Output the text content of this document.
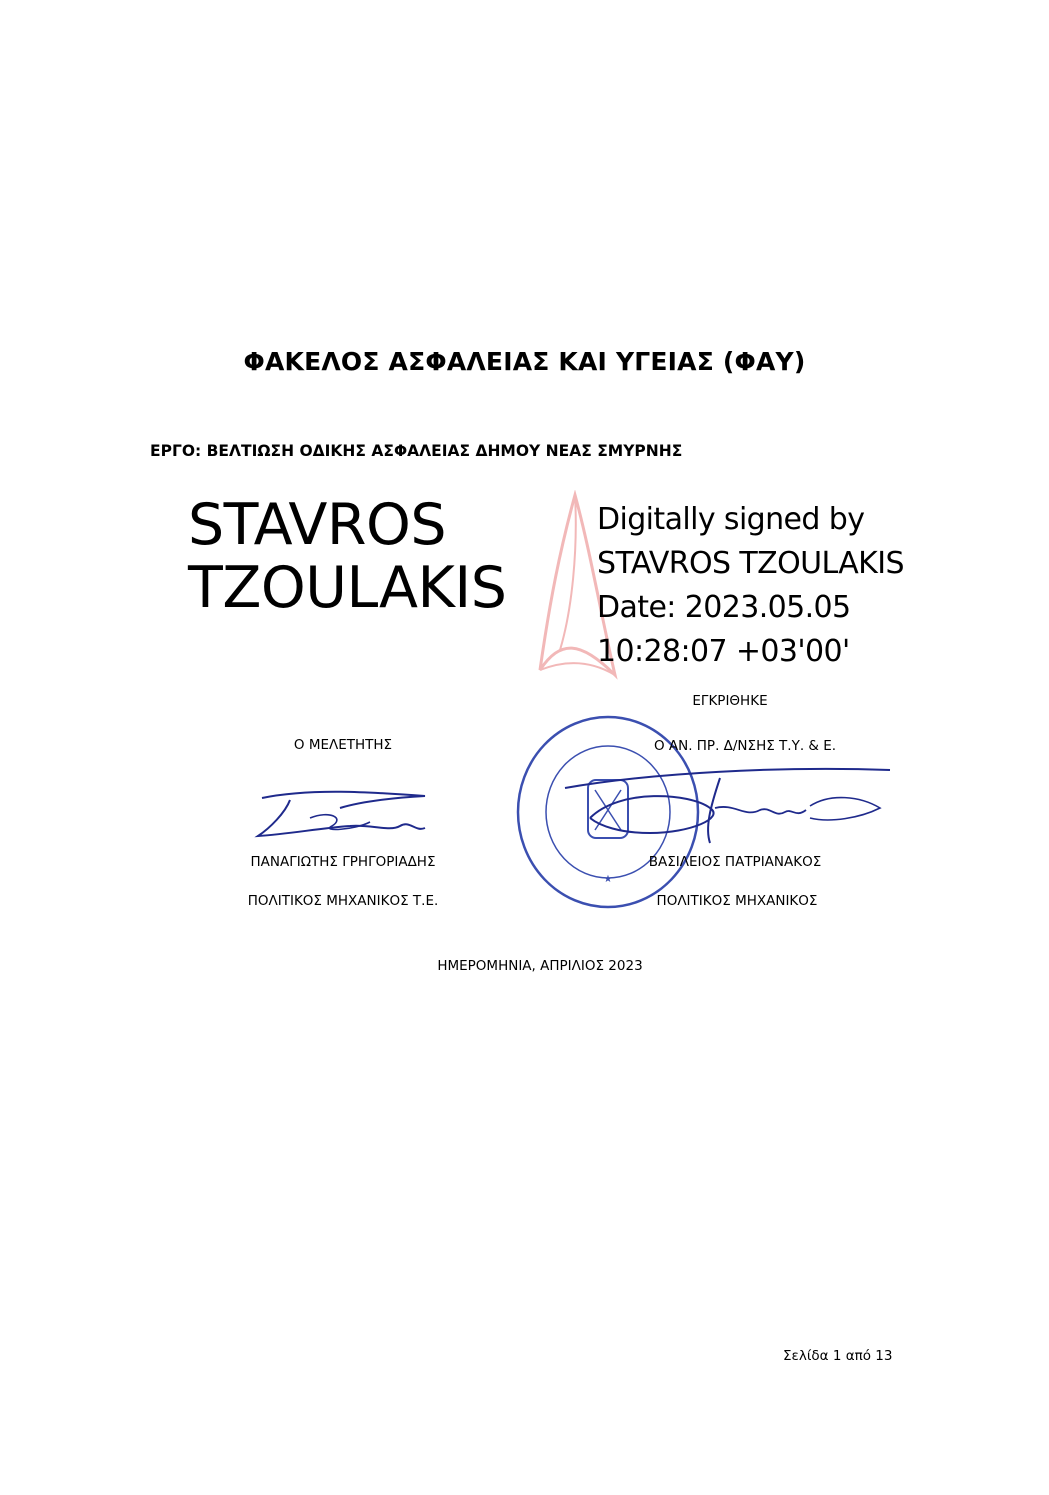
ΦΑΚΕΛΟΣ ΑΣΦΑΛΕΙΑΣ ΚΑΙ ΥΓΕΙΑΣ (ΦΑΥ)
ΕΡΓΟ: ΒΕΛΤΙΩΣΗ ΟΔΙΚΗΣ ΑΣΦΑΛΕΙΑΣ ΔΗΜΟΥ ΝΕΑΣ ΣΜΥΡΝΗΣ
STAVROS
TZOULAKIS
Digitally signed by
STAVROS TZOULAKIS
Date: 2023.05.05
10:28:07 +03'00'
Ο ΜΕΛΕΤΗΤΗΣ
ΠΑΝΑΓΙΩΤΗΣ ΓΡΗΓΟΡΙΑΔΗΣ
ΠΟΛΙΤΙΚΟΣ ΜΗΧΑΝΙΚΟΣ Τ.Ε.
ΕΓΚΡΙΘΗΚΕ
★
Ο ΑΝ. ΠΡ. Δ/ΝΣΗΣ Τ.Υ. & Ε.
ΒΑΣΙΛΕΙΟΣ ΠΑΤΡΙΑΝΑΚΟΣ
ΠΟΛΙΤΙΚΟΣ ΜΗΧΑΝΙΚΟΣ
ΗΜΕΡΟΜΗΝΙΑ, ΑΠΡΙΛΙΟΣ 2023
Σελίδα 1 από 13
